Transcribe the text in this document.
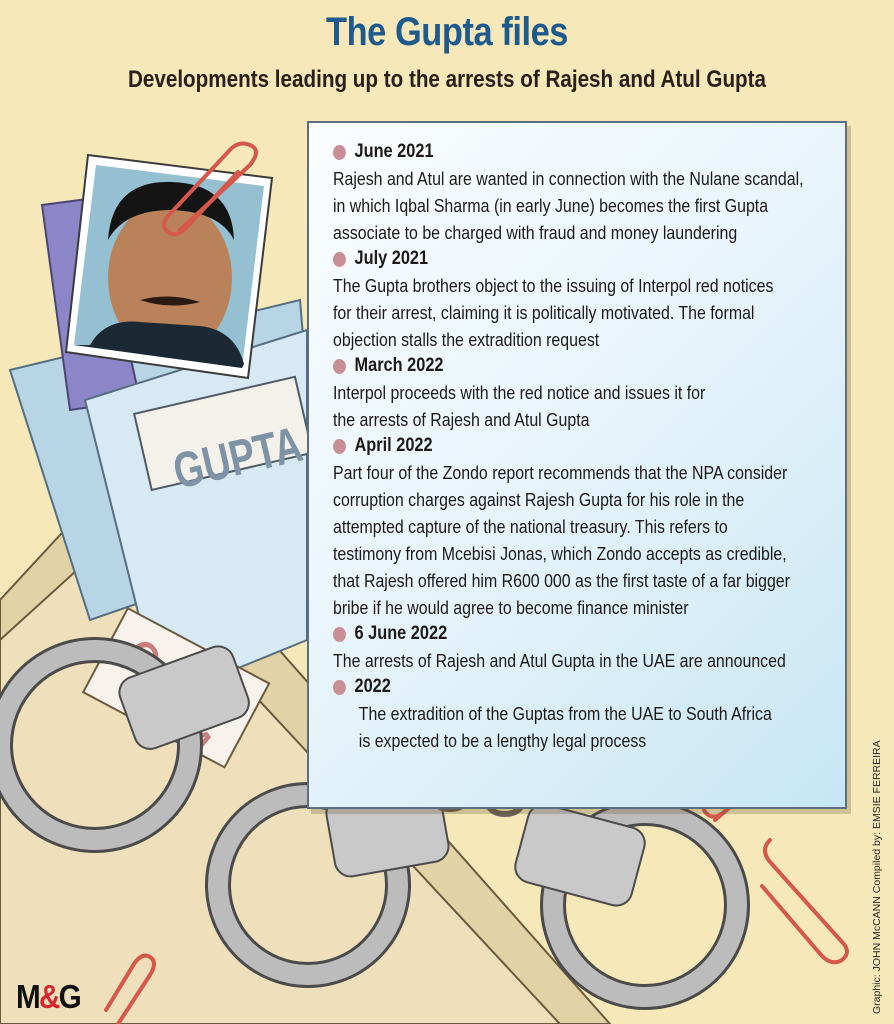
GUPTA
The Gupta files
Developments leading up to the arrests of Rajesh and Atul Gupta
June 2021
Rajesh and Atul are wanted in connection with the Nulane scandal,
in which Iqbal Sharma (in early June) becomes the first Gupta
associate to be charged with fraud and money laundering
July 2021
The Gupta brothers object to the issuing of Interpol red notices
for their arrest, claiming it is politically motivated. The formal
objection stalls the extradition request
March 2022
Interpol proceeds with the red notice and issues it for
the arrests of Rajesh and Atul Gupta
April 2022
Part four of the Zondo report recommends that the NPA consider
corruption charges against Rajesh Gupta for his role in the
attempted capture of the national treasury. This refers to
testimony from Mcebisi Jonas, which Zondo accepts as credible,
that Rajesh offered him R600 000 as the first taste of a far bigger
bribe if he would agree to become finance minister
6 June 2022
The arrests of Rajesh and Atul Gupta in the UAE are announced
2022
The extradition of the Guptas from the UAE to South Africa
is expected to be a lengthy legal process
M&G	Graphic: JOHN McCANN Compiled by: EMSIE FERREIRA
